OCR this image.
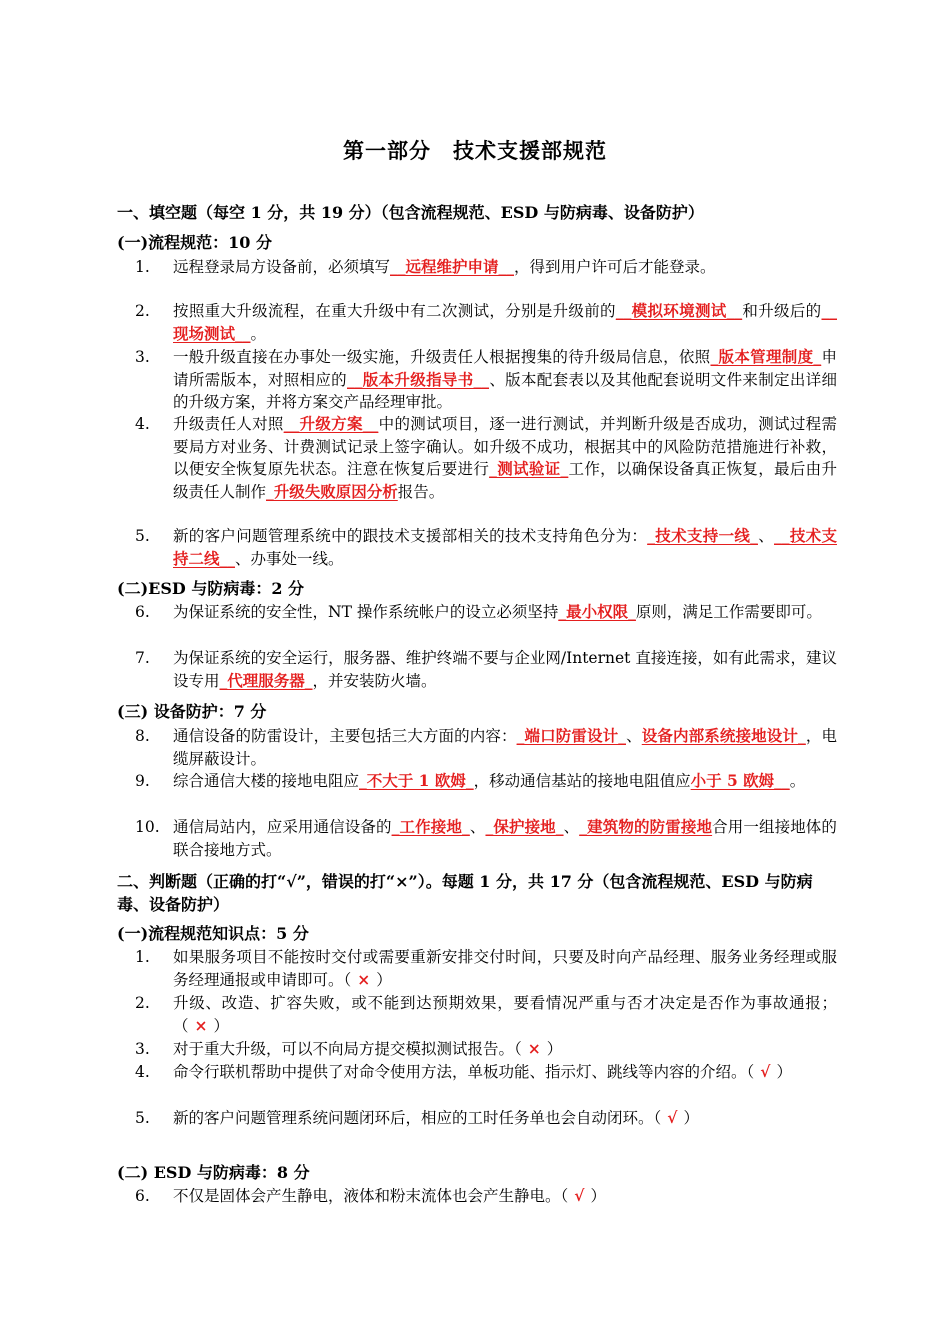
第一部分　技术支援部规范
一、填空题（每空 1 分，共 19 分）（包含流程规范、ESD 与防病毒、设备防护）
(一)流程规范：10 分
1.	远程登录局方设备前，必须填写__远程维护申请__，得到用户许可后才能登录。
2.	按照重大升级流程，在重大升级中有二次测试，分别是升级前的__模拟环境测试__和升级后的__现场测试__。
3.	一般升级直接在办事处一级实施，升级责任人根据搜集的待升级局信息，依照_版本管理制度_申请所需版本，对照相应的__版本升级指导书__、版本配套表以及其他配套说明文件来制定出详细的升级方案，并将方案交产品经理审批。
4.	升级责任人对照__升级方案__中的测试项目，逐一进行测试，并判断升级是否成功，测试过程需要局方对业务、计费测试记录上签字确认。如升级不成功，根据其中的风险防范措施进行补救，以便安全恢复原先状态。注意在恢复后要进行_测试验证_工作，以确保设备真正恢复，最后由升级责任人制作_升级失败原因分析报告。
5.	新的客户问题管理系统中的跟技术支援部相关的技术支持角色分为：_技术支持一线_、__技术支持二线__、办事处一线。
(二)ESD 与防病毒：2 分
6.	为保证系统的安全性，NT 操作系统帐户的设立必须坚持_最小权限_原则，满足工作需要即可。
7.	为保证系统的安全运行，服务器、维护终端不要与企业网/Internet 直接连接，如有此需求，建议设专用_代理服务器_，并安装防火墙。
(三) 设备防护：7 分
8.	通信设备的防雷设计，主要包括三大方面的内容：_端口防雷设计_、设备内部系统接地设计_，电缆屏蔽设计。
9.	综合通信大楼的接地电阻应_不大于 1 欧姆_，移动通信基站的接地电阻值应小于 5 欧姆__。
10. 通信局站内，应采用通信设备的_工作接地_、_保护接地_、_建筑物的防雷接地合用一组接地体的联合接地方式。
二、判断题（正确的打“√”，错误的打“×”）。每题 1 分，共 17 分（包含流程规范、ESD 与防病毒、设备防护）
(一)流程规范知识点：5 分
1.	如果服务项目不能按时交付或需要重新安排交付时间，只要及时向产品经理、服务业务经理或服务经理通报或申请即可。（ × ）
2.	升级、改造、扩容失败，或不能到达预期效果，要看情况严重与否才决定是否作为事故通报；（ × ）
3.	对于重大升级，可以不向局方提交模拟测试报告。（ × ）
4.	命令行联机帮助中提供了对命令使用方法，单板功能、指示灯、跳线等内容的介绍。（ √ ）
5.	新的客户问题管理系统问题闭环后，相应的工时任务单也会自动闭环。（ √ ）
(二) ESD 与防病毒：8 分
6.	不仅是固体会产生静电，液体和粉末流体也会产生静电。（ √ ）
